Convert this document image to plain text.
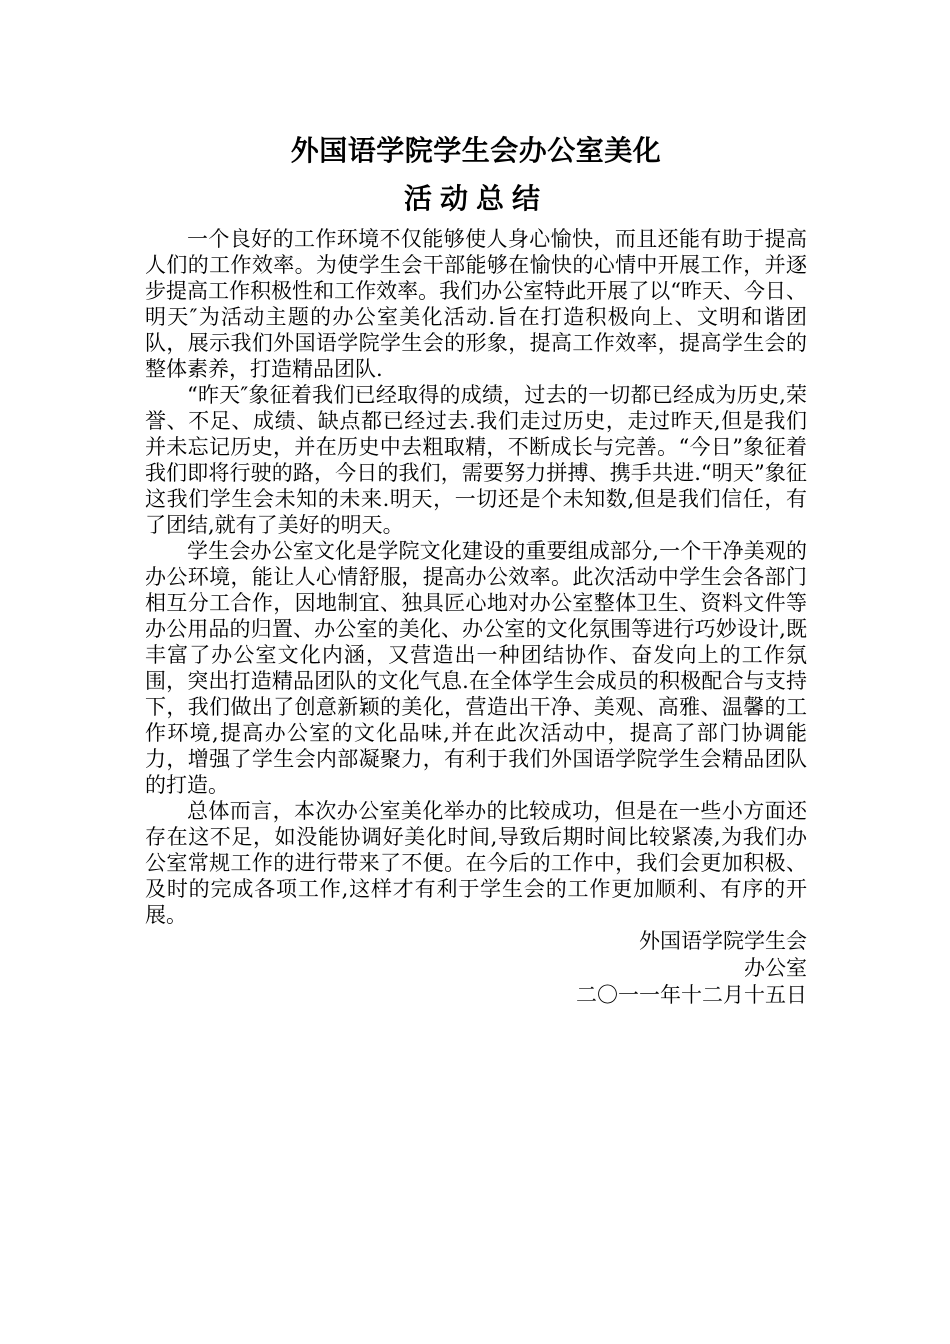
外国语学院学生会办公室美化
活动总结

一个良好的工作环境不仅能够使人身心愉快，而且还能有助于提高人们的工作效率。为使学生会干部能够在愉快的心情中开展工作，并逐步提高工作积极性和工作效率。我们办公室特此开展了以“昨天、今日、明天″为活动主题的办公室美化活动.旨在打造积极向上、文明和谐团队，展示我们外国语学院学生会的形象，提高工作效率，提高学生会的整体素养，打造精品团队.

“昨天″象征着我们已经取得的成绩，过去的一切都已经成为历史,荣誉、不足、成绩、缺点都已经过去.我们走过历史，走过昨天,但是我们并未忘记历史，并在历史中去粗取精，不断成长与完善。“今日”象征着我们即将行驶的路，今日的我们，需要努力拼搏、携手共进.“明天”象征这我们学生会未知的未来.明天，一切还是个未知数,但是我们信任，有了团结,就有了美好的明天。

学生会办公室文化是学院文化建设的重要组成部分,一个干净美观的办公环境，能让人心情舒服，提高办公效率。此次活动中学生会各部门相互分工合作，因地制宜、独具匠心地对办公室整体卫生、资料文件等办公用品的归置、办公室的美化、办公室的文化氛围等进行巧妙设计,既丰富了办公室文化内涵，又营造出一种团结协作、奋发向上的工作氛围，突出打造精品团队的文化气息.在全体学生会成员的积极配合与支持下，我们做出了创意新颖的美化，营造出干净、美观、高雅、温馨的工作环境,提高办公室的文化品味,并在此次活动中，提高了部门协调能力，增强了学生会内部凝聚力，有利于我们外国语学院学生会精品团队的打造。

总体而言，本次办公室美化举办的比较成功，但是在一些小方面还存在这不足，如没能协调好美化时间,导致后期时间比较紧凑,为我们办公室常规工作的进行带来了不便。在今后的工作中，我们会更加积极、及时的完成各项工作,这样才有利于学生会的工作更加顺利、有序的开展。

外国语学院学生会

办公室

二〇一一年十二月十五日
